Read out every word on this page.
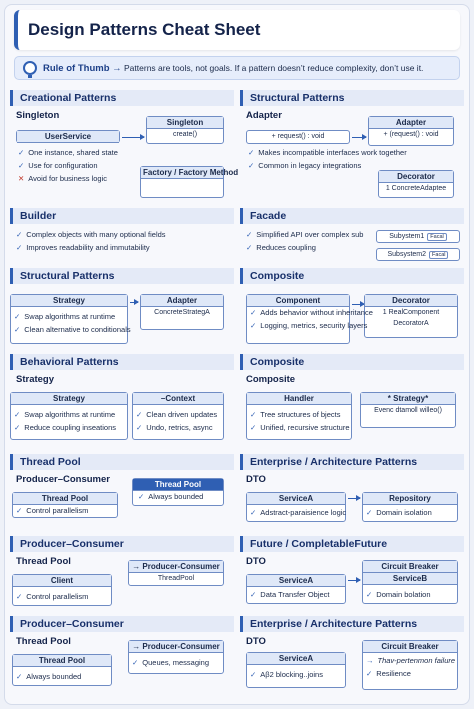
Design Patterns Cheat Sheet
Rule of Thumb → Patterns are tools, not goals. If a pattern doesn’t reduce complexity, don’t use it.
Creational Patterns
Singleton
UserService
Singleton
create()
Factory / Factory Method
✓ One instance, shared state
✓ Use for configuration
✕ Avoid for business logic
Builder
✓ Complex objects with many optional fields
✓ Improves readability and immutability
Structural Patterns
Strategy	Adapter
ConcreteStrategA
✓ Swap algorithms at runtime
✓ Clean alternative to conditionals
Behavioral Patterns
Strategy
Strategy	–Context
✓ Swap algorithms at runtime
✓ Reduce coupling inseations
✓ Clean driven updates
✓ Undo, retrics, async
Thread Pool
Producer–Consumer
Thread Pool
Thread Pool
✓ Control parallelism
✓ Always bounded
Producer–Consumer
Thread Pool
Client
→ Producer-Consumer
ThreadPool
✓ Control parallelism
Producer–Consumer
Thread Pool
Thread Pool
→ Producer-Consumer
✓ Always bounded
✓ Queues, messaging
Structural Patterns
Adapter
+ request() : void
Adapter
+ (request() : void
Decorator
1 ConcreteAdaptee
✓ Makes incompatible interfaces work together
✓ Common in legacy integrations
Facade
✓ Simplified API over complex sub
✓ Reduces coupling
Subystem1 Facal
Subsystem2 Facal
Composite
Component	Decorator
1 RealComponent
DecoratorA
✓ Adds behavior without inheritance
✓ Logging, metrics, security layers
Composite
Composite
Handler	* Strategy*
Evenc dtamo‖ willeo()
✓ Tree structures of bjects
✓ Unified, recursive structure
Enterprise / Architecture Patterns
DTO
ServiceA	Repository
✓ Adstract-paraisience logic	✓ Domain isolation
Future / CompletableFuture
DTO
ServiceA
Circuit Breaker
ServiceB
✓ Data Transfer Object	✓ Domain bolation
Enterprise / Architecture Patterns
DTO
ServiceA
Circuit Breaker
✓ Aβ2 blocking..joins
→ Thav-pertenmon failure
✓ Resilience
